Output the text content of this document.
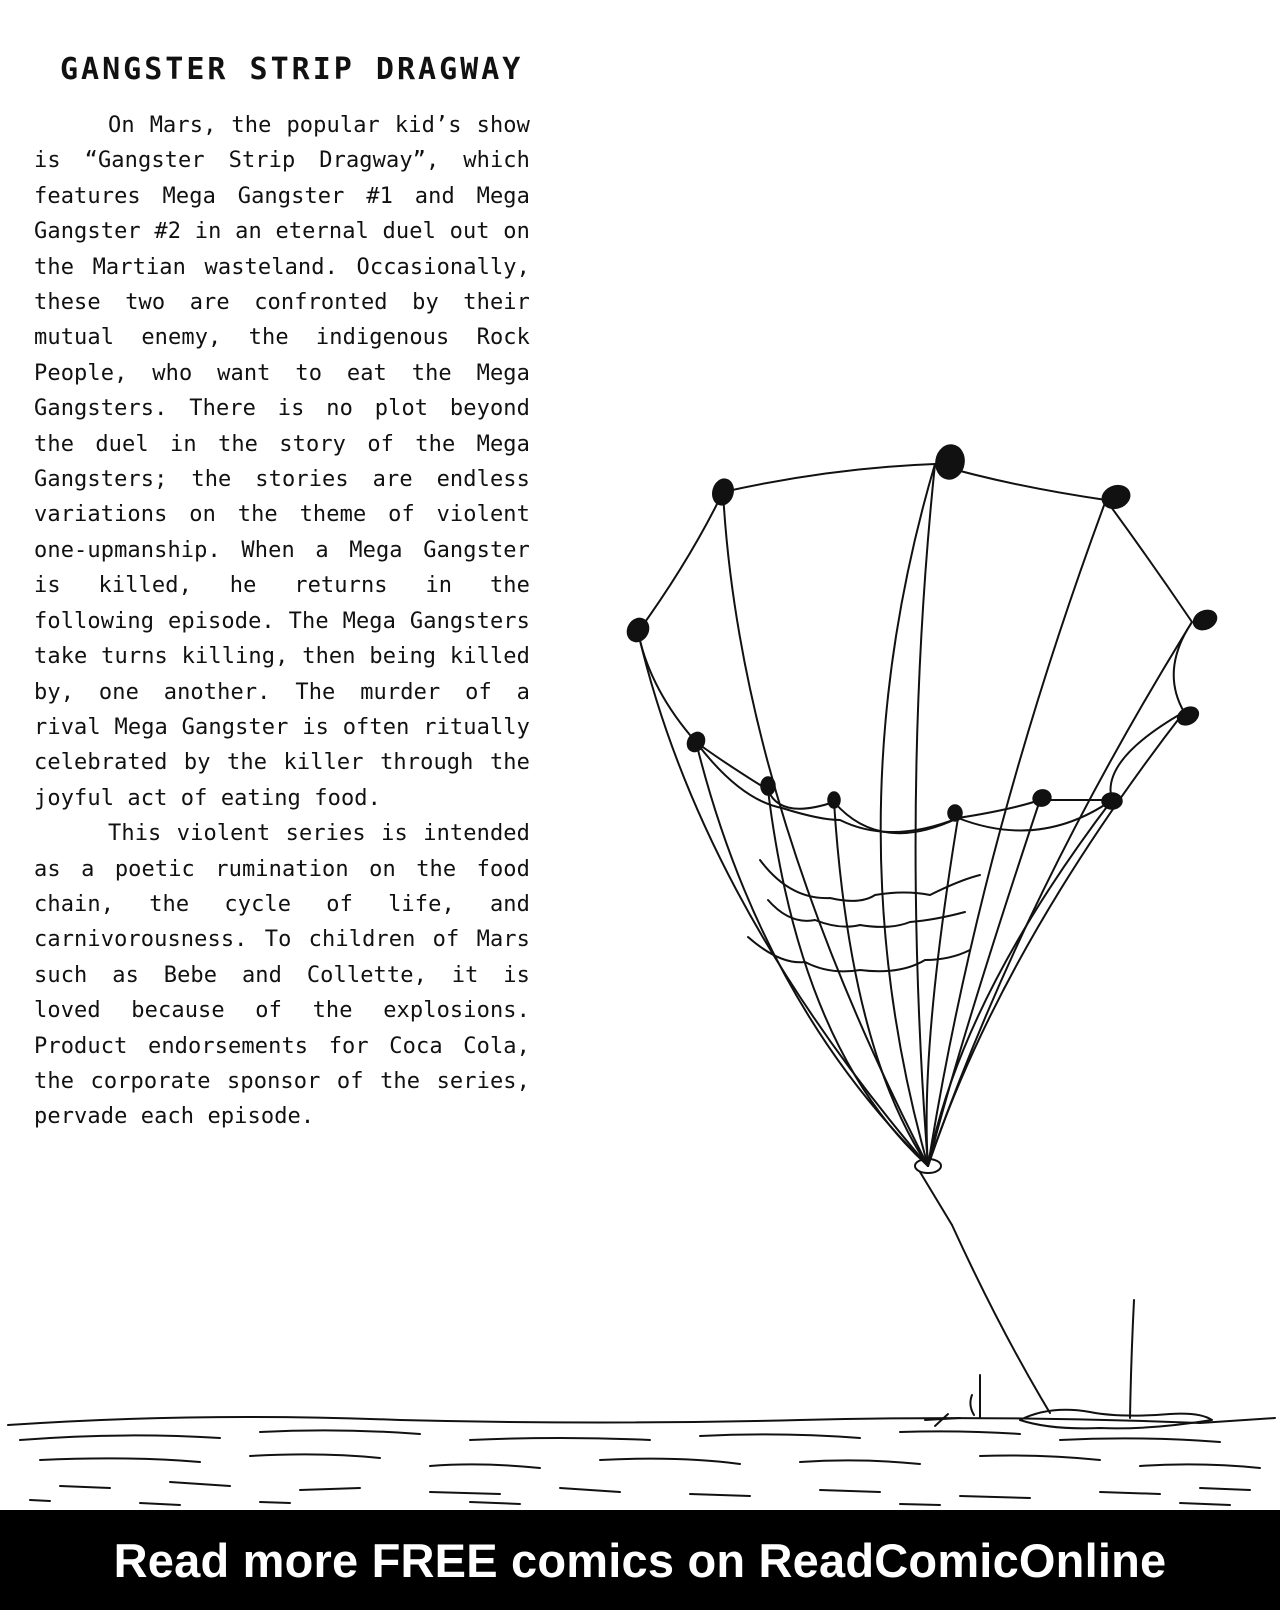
GANGSTER STRIP DRAGWAY

On Mars, the popular kid’s show is “Gangster Strip Dragway”, which features Mega Gangster #1 and Mega Gangster #2 in an eternal duel out on the Martian wasteland. Occasionally, these two are confronted by their mutual enemy, the indigenous Rock People, who want to eat the Mega Gangsters. There is no plot beyond the duel in the story of the Mega Gangsters; the stories are endless variations on the theme of violent one-upmanship. When a Mega Gangster is killed, he returns in the following episode. The Mega Gangsters take turns killing, then being killed by, one another. The murder of a rival Mega Gangster is often ritually celebrated by the killer through the joyful act of eating food.

This violent series is intended as a poetic rumination on the food chain, the cycle of life, and carnivorousness. To children of Mars such as Bebe and Collette, it is loved because of the explosions. Product endorsements for Coca Cola, the corporate sponsor of the series, pervade each episode.

Read more FREE comics on ReadComicOnline
